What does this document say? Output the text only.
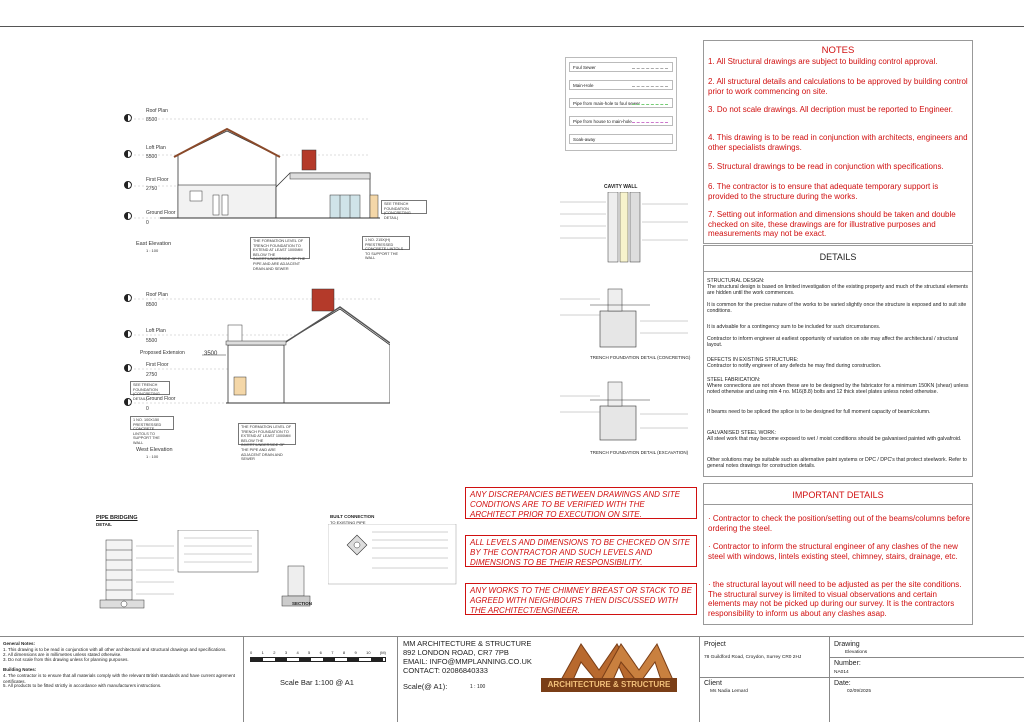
Foul Sewer
Main-Hole
Pipe from main-hole to foul sewer
Pipe from house to main-hole
Soak-away
Roof Plan
8500
Loft Plan
5500
First Floor
2750
Ground Floor
0
East Elevation
1 : 100
SEE TRENCH FOUNDATION (CONCRETING DETAIL)
THE FORMATION LEVEL OF TRENCH FOUNDATION TO EXTEND AT LEAST 1000MM BELOW THE INVERT/UNDERSIDE OF THE PIPE AND ARE ADJACENT DRAIN AND SEWER
1 NO. 215X(H) PRESTRESSED CONCRETE LINTOLS TO SUPPORT THE WALL
Roof Plan
8500
Loft Plan
5500
Proposed Extension	3500
First Floor
2750
Ground Floor
0
West Elevation
1 : 100
SEE TRENCH FOUNDATION (CONCRETING DETAIL)
1 NO. 100X150 PRESTRESSED CONCRETE LINTOLS TO SUPPORT THE WALL
THE FORMATION LEVEL OF TRENCH FOUNDATION TO EXTEND AT LEAST 1000MM BELOW THE INVERT/UNDERSIDE OF THE PIPE AND ARE ADJACENT DRAIN AND SEWER
CAVITY WALL
TRENCH FOUNDATION DETAIL (CONCRETING)
TRENCH FOUNDATION DETAIL (EXCAVATION)
PIPE BRIDGING
DETAIL
SECTION
BUILT CONNECTION
TO EXISTING PIPE
ANY DISCREPANCIES BETWEEN DRAWINGS AND SITE CONDITIONS ARE TO BE VERIFIED WITH THE ARCHITECT PRIOR TO EXECUTION ON SITE.
ALL LEVELS AND DIMENSIONS TO BE CHECKED ON SITE BY THE CONTRACTOR AND SUCH LEVELS AND DIMENSIONS TO BE THEIR RESPONSIBILITY.
ANY WORKS TO THE CHIMNEY BREAST OR STACK TO BE AGREED WITH NEIGHBOURS THEN DISCUSSED WITH THE ARCHITECT/ENGINEER.
NOTES
1. All Structural drawings are subject to building control approval.
2. All structural details and calculations to be approved by building control prior to work commencing on site.
3. Do not scale drawings. All decription must be reported to Engineer.
4. This drawing is to be read in conjunction with architects, engineers and other specialists drawings.
5. Structural drawings to be read in conjunction with specifications.
6. The contractor is to ensure that adequate temporary support is provided to the structure during the works.
7. Setting out information and dimensions should be taken and double checked on site, these drawings are for illustrative purposes and measurements may not be exact.
DETAILS
STRUCTURAL DESIGN:
The structural design is based on limited investigation of the existing property and much of the structural elements are hidden until the work commences.
It is common for the precise nature of the works to be varied slightly once the structure is exposed and to suit site conditions.
It is advisable for a contingency sum to be included for such circumstances.
Contractor to inform engineer at earliest opportunity of variation on site may affect the architectural / structural layout.
DEFECTS IN EXISTING STRUCTURE:
Contractor to notify engineer of any defects he may find during construction.
STEEL FABRICATION:
Where connections are not shown these are to be designed by the fabricator for a minimum 150KN (shear) unless noted otherwise and using min 4 no. M16(8.8) bolts and 12 thick steel plates unless noted otherwise.
If beams need to be spliced the splice is to be designed for full moment capacity of beam/column.
GALVANISED STEEL WORK:
All steel work that may become exposed to wet / moist conditions should be galvanised painted with galvafroid.
Other solutions may be suitable such as alternative paint systems or DPC / DPC's that protect steelwork. Refer to general notes drawings for construction details.
IMPORTANT DETAILS
· Contractor to check the position/setting out of the beams/columns before ordering the steel.
· Contractor to inform the structural engineer of any clashes of the new steel with windows, lintels existing steel, chimney, stairs, drainage, etc.
· the structural layout will need to be adjusted as per the site conditions. The structural survey is limited to visual observations and certain elements may not be picked up during our survey. It is the contractors responsibility to inform us about any clashes asap.
General Notes:
1. This drawing is to be read in conjunction with all other architectural and structural drawings and specifications.
2. All dimensions are in millimetres unless stated otherwise.
3. Do not scale from this drawing unless for planning purposes.
Building Notes:
4. The contractor is to ensure that all materials comply with the relevant British standards and have current agrement certificates.
5. All products to be fitted strictly in accordance with manufacturers instructions.
0 1 2 3 4 5 6 7 8 9 10 (M)
Scale Bar 1:100 @ A1
MM ARCHITECTURE & STRUCTURE
892 LONDON ROAD, CR7 7PB
EMAIL: INFO@MMPLANNING.CO.UK
CONTACT: 02086840333
Scale(@ A1):	1 : 100	ARCHITECTURE & STRUCTURE
Project
78 Guildford Road, Croydon, Surrey CR0 2HJ
Client
Ms Nadia Lemard
Drawing
Elevations
Number:
NA014
Date:
02/09/2025
